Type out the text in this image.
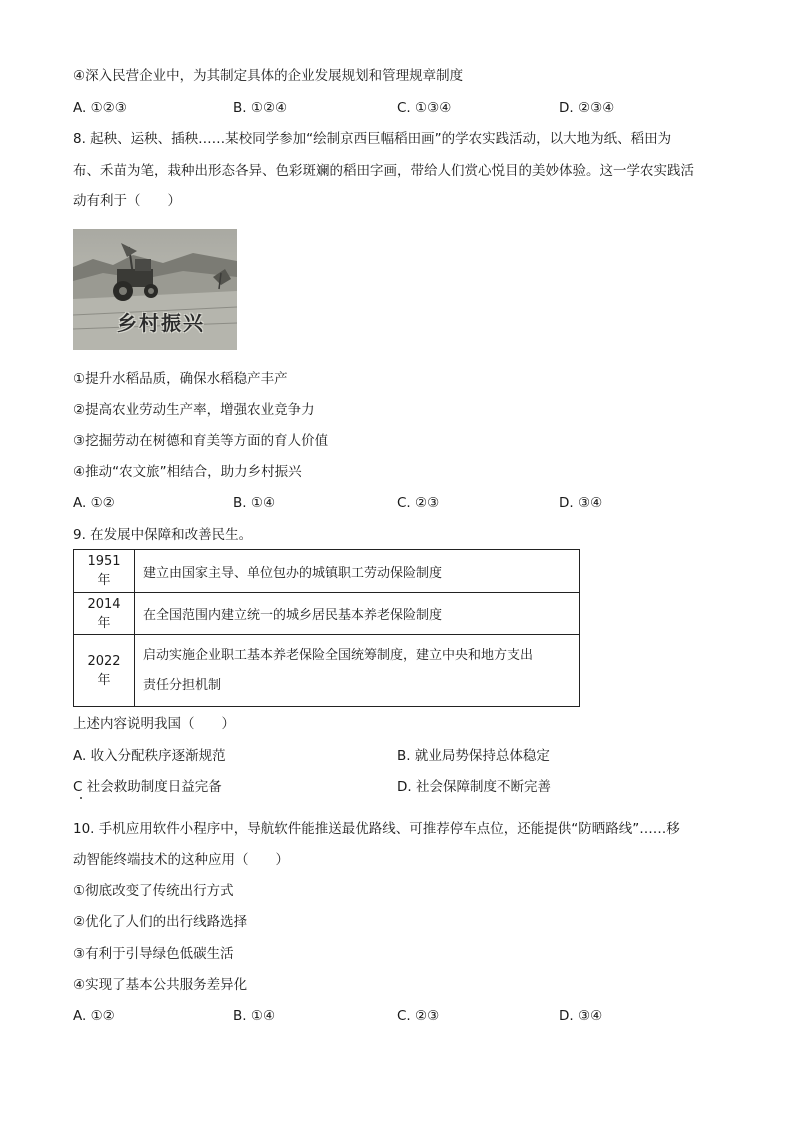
④深入民营企业中，为其制定具体的企业发展规划和管理规章制度
A. ①②③	B. ①②④	C. ①③④	D. ②③④
8. 起秧、运秧、插秧……某校同学参加“绘制京西巨幅稻田画”的学农实践活动，以大地为纸、稻田为
布、禾苗为笔，栽种出形态各异、色彩斑斓的稻田字画，带给人们赏心悦目的美妙体验。这一学农实践活
动有利于（　　）
乡村振兴
①提升水稻品质，确保水稻稳产丰产
②提高农业劳动生产率，增强农业竞争力
③挖掘劳动在树德和育美等方面的育人价值
④推动“农文旅”相结合，助力乡村振兴
A. ①②	B. ①④	C. ②③	D. ③④
9. 在发展中保障和改善民生。
1951 年	建立由国家主导、单位包办的城镇职工劳动保险制度
2014 年	在全国范围内建立统一的城乡居民基本养老保险制度
2022 年	启动实施企业职工基本养老保险全国统筹制度，建立中央和地方支出
责任分担机制
上述内容说明我国（　　）
A. 收入分配秩序逐渐规范	B. 就业局势保持总体稳定
C 社会救助制度日益完备	D. 社会保障制度不断完善
10. 手机应用软件小程序中，导航软件能推送最优路线、可推荐停车点位，还能提供“防晒路线”……移
动智能终端技术的这种应用（　　）
①彻底改变了传统出行方式
②优化了人们的出行线路选择
③有利于引导绿色低碳生活
④实现了基本公共服务差异化
A. ①②	B. ①④	C. ②③	D. ③④
